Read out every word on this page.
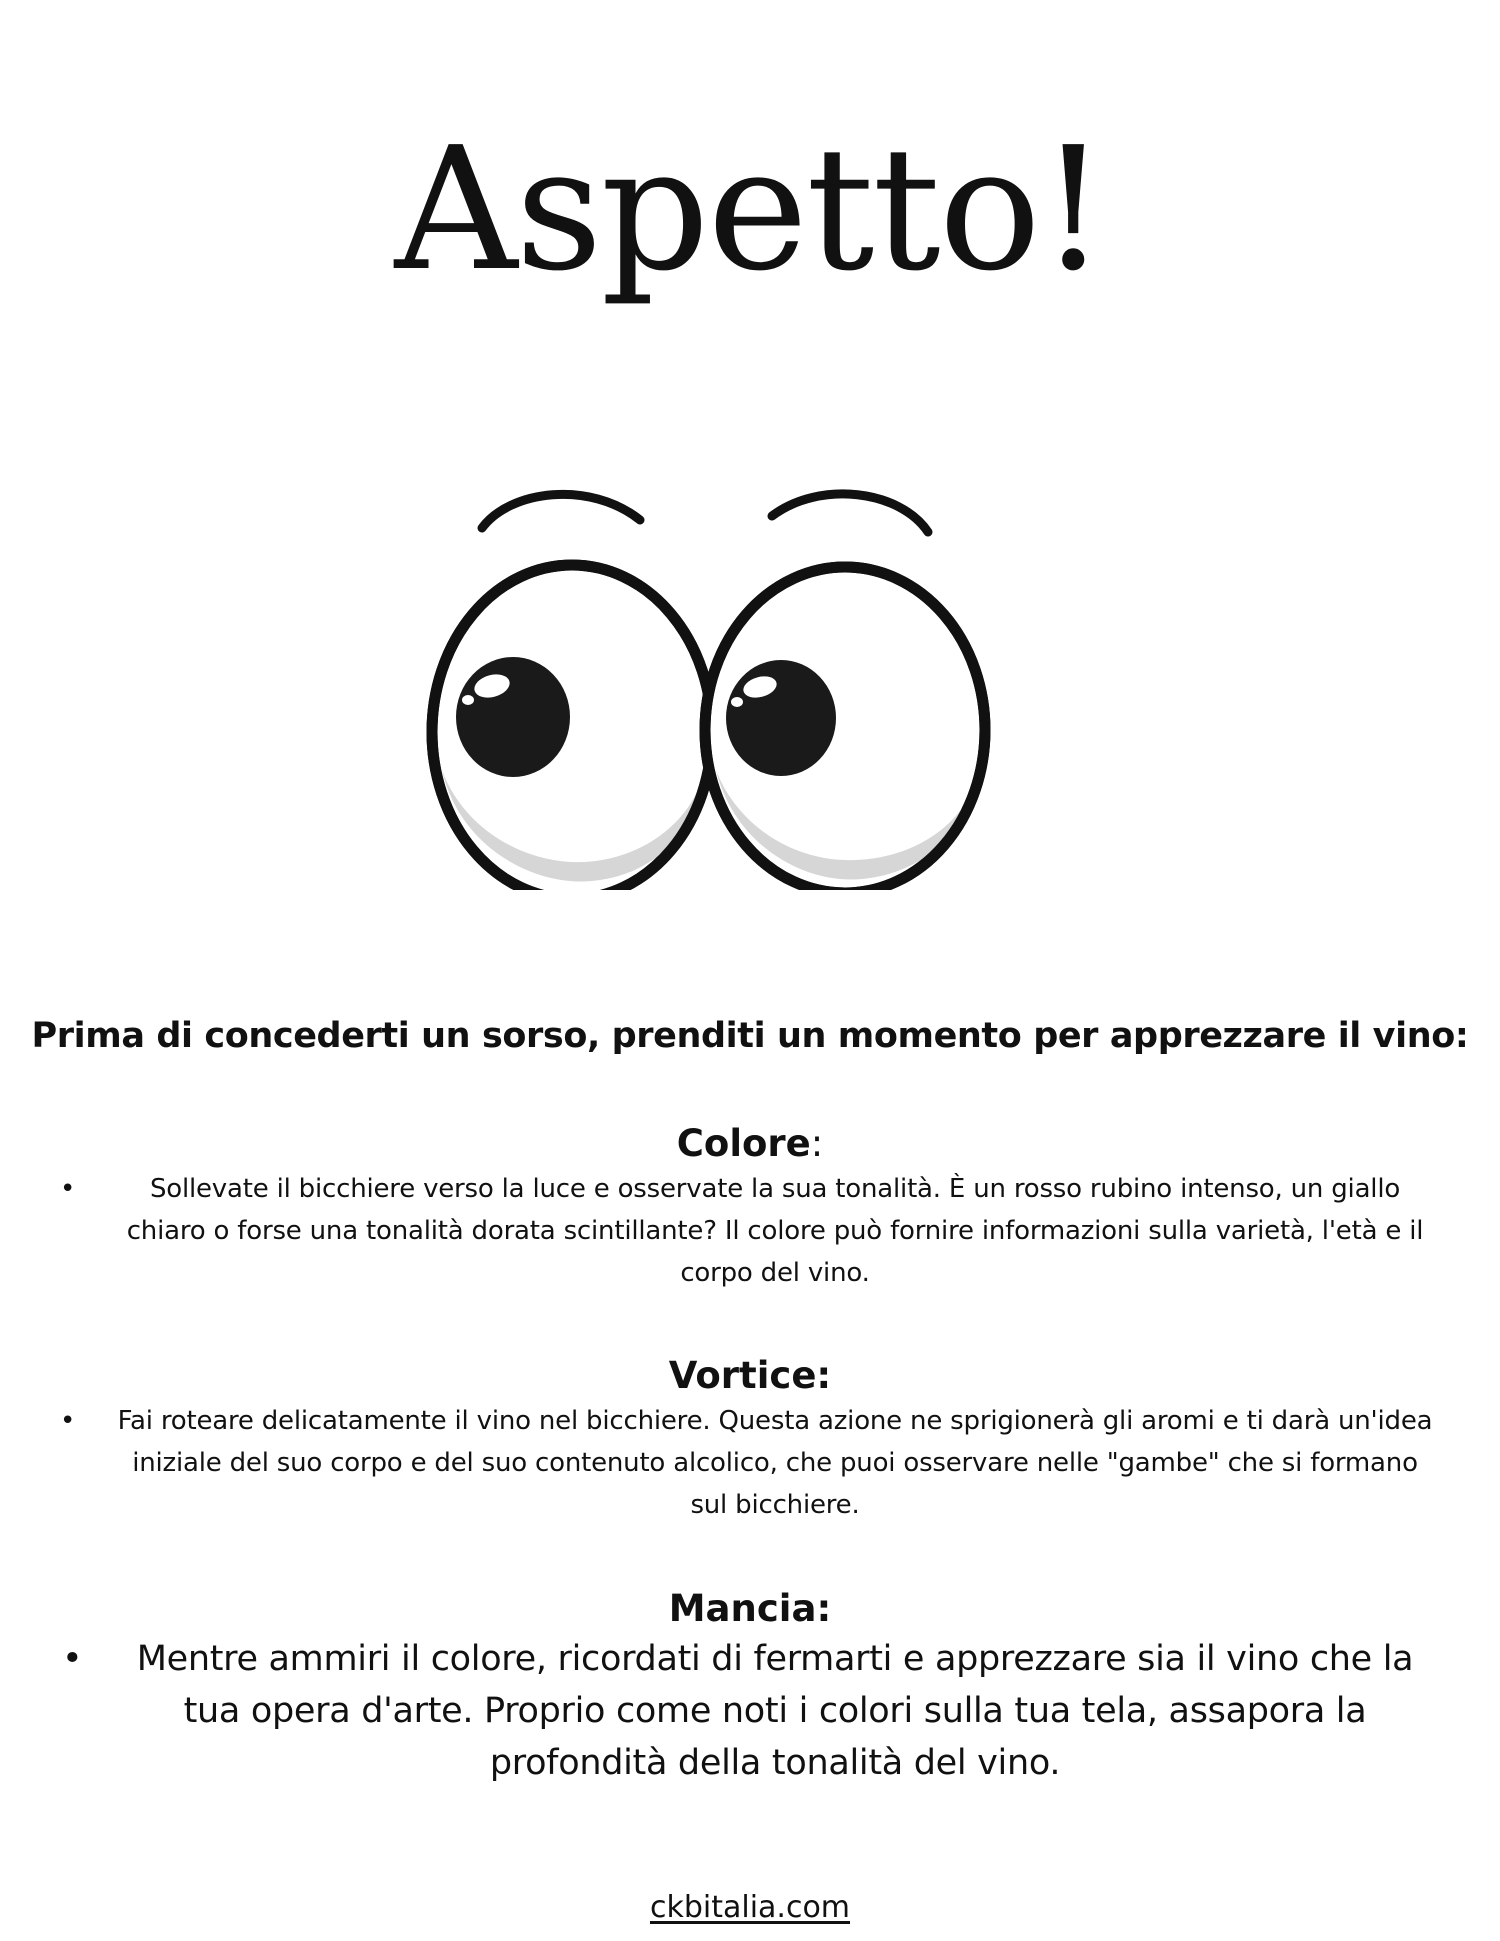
Aspetto!

Prima di concederti un sorso, prenditi un momento per apprezzare il vino:

Colore:
•	Sollevate il bicchiere verso la luce e osservate la sua tonalità. È un rosso rubino intenso, un giallo chiaro o forse una tonalità dorata scintillante? Il colore può fornire informazioni sulla varietà, l'età e il corpo del vino.
Vortice:
• Fai roteare delicatamente il vino nel bicchiere. Questa azione ne sprigionerà gli aromi e ti darà un'idea iniziale del suo corpo e del suo contenuto alcolico, che puoi osservare nelle "gambe" che si formano sul bicchiere.
Mancia:
• Mentre ammiri il colore, ricordati di fermarti e apprezzare sia il vino che la tua opera d'arte. Proprio come noti i colori sulla tua tela, assapora la profondità della tonalità del vino.
ckbitalia.com
